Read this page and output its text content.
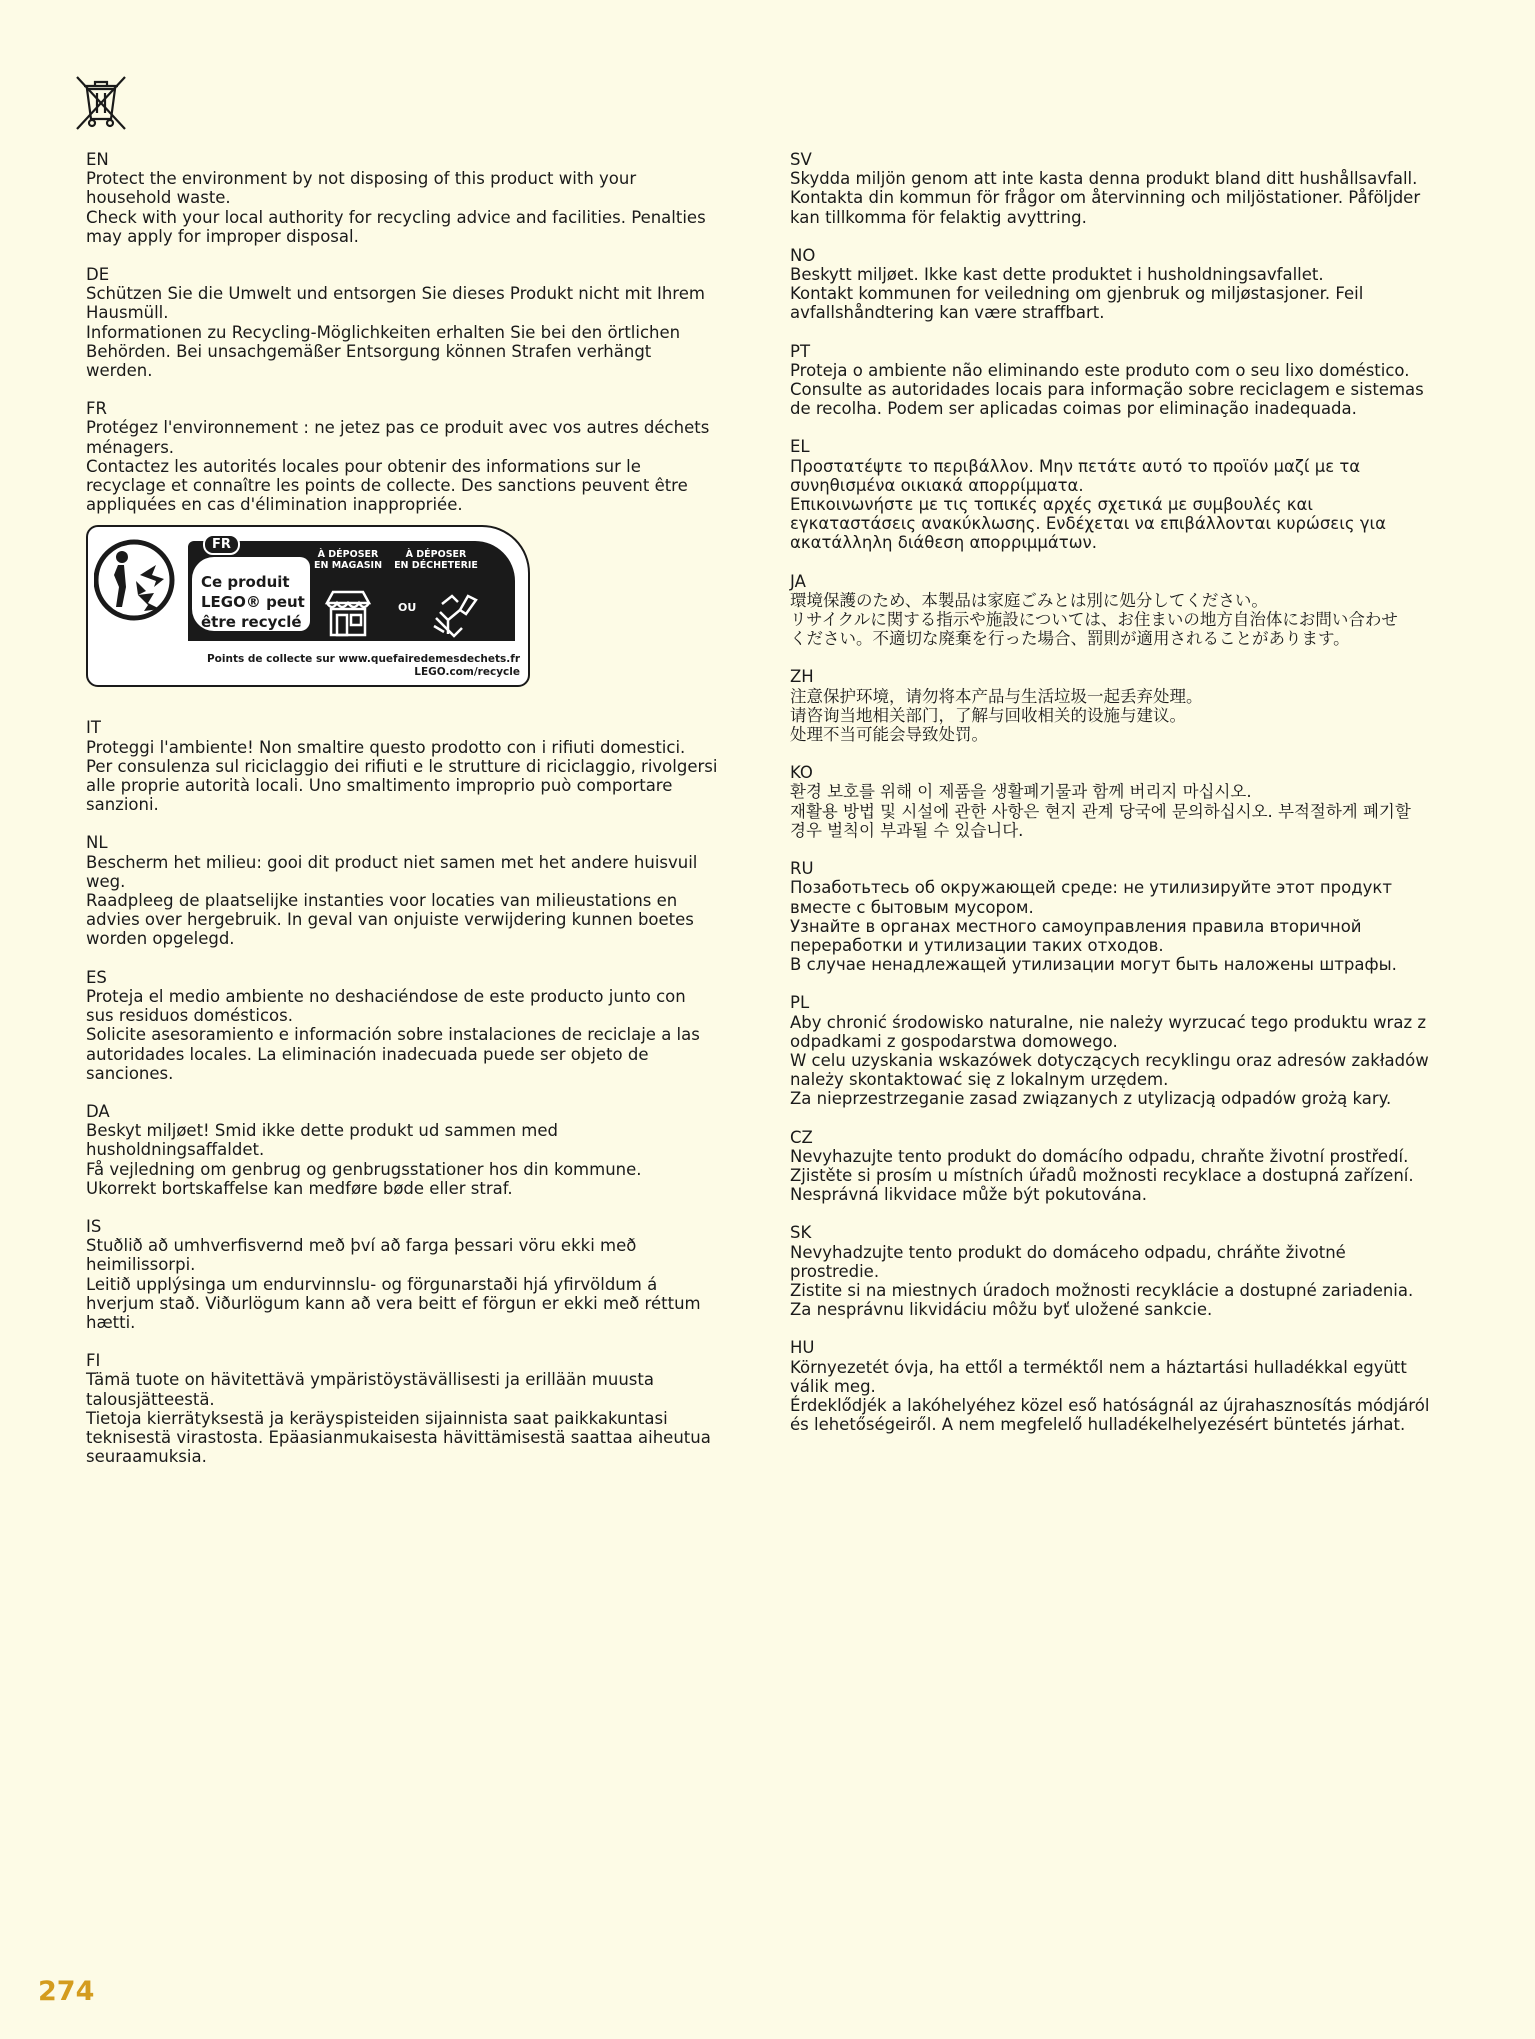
EN
Protect the environment by not disposing of this product with your
household waste.
Check with your local authority for recycling advice and facilities. Penalties
may apply for improper disposal.
DE
Schützen Sie die Umwelt und entsorgen Sie dieses Produkt nicht mit Ihrem
Hausmüll.
Informationen zu Recycling-Möglichkeiten erhalten Sie bei den örtlichen
Behörden. Bei unsachgemäßer Entsorgung können Strafen verhängt
werden.
FR
Protégez l'environnement : ne jetez pas ce produit avec vos autres déchets
ménagers.
Contactez les autorités locales pour obtenir des informations sur le
recyclage et connaître les points de collecte. Des sanctions peuvent être
appliquées en cas d'élimination inappropriée.
FR
Ce produit
LEGO® peut
être recyclé
À DÉPOSER
EN MAGASIN
À DÉPOSER
EN DÉCHETERIE
OU
Points de collecte sur www.quefairedemesdechets.fr
LEGO.com/recycle
IT
Proteggi l'ambiente! Non smaltire questo prodotto con i rifiuti domestici.
Per consulenza sul riciclaggio dei rifiuti e le strutture di riciclaggio, rivolgersi
alle proprie autorità locali. Uno smaltimento improprio può comportare
sanzioni.
NL
Bescherm het milieu: gooi dit product niet samen met het andere huisvuil
weg.
Raadpleeg de plaatselijke instanties voor locaties van milieustations en
advies over hergebruik. In geval van onjuiste verwijdering kunnen boetes
worden opgelegd.
ES
Proteja el medio ambiente no deshaciéndose de este producto junto con
sus residuos domésticos.
Solicite asesoramiento e información sobre instalaciones de reciclaje a las
autoridades locales. La eliminación inadecuada puede ser objeto de
sanciones.
DA
Beskyt miljøet! Smid ikke dette produkt ud sammen med
husholdningsaffaldet.
Få vejledning om genbrug og genbrugsstationer hos din kommune.
Ukorrekt bortskaffelse kan medføre bøde eller straf.
IS
Stuðlið að umhverfisvernd með því að farga þessari vöru ekki með
heimilissorpi.
Leitið upplýsinga um endurvinnslu- og förgunarstaði hjá yfirvöldum á
hverjum stað. Viðurlögum kann að vera beitt ef förgun er ekki með réttum
hætti.
FI
Tämä tuote on hävitettävä ympäristöystävällisesti ja erillään muusta
talousjätteestä.
Tietoja kierrätyksestä ja keräyspisteiden sijainnista saat paikkakuntasi
teknisestä virastosta. Epäasianmukaisesta hävittämisestä saattaa aiheutua
seuraamuksia.
SV
Skydda miljön genom att inte kasta denna produkt bland ditt hushållsavfall.
Kontakta din kommun för frågor om återvinning och miljöstationer. Påföljder
kan tillkomma för felaktig avyttring.
NO
Beskytt miljøet. Ikke kast dette produktet i husholdningsavfallet.
Kontakt kommunen for veiledning om gjenbruk og miljøstasjoner. Feil
avfallshåndtering kan være straffbart.
PT
Proteja o ambiente não eliminando este produto com o seu lixo doméstico.
Consulte as autoridades locais para informação sobre reciclagem e sistemas
de recolha. Podem ser aplicadas coimas por eliminação inadequada.
EL
Προστατέψτε το περιβάλλον. Μην πετάτε αυτό το προϊόν μαζί με τα
συνηθισμένα οικιακά απορρίμματα.
Επικοινωνήστε με τις τοπικές αρχές σχετικά με συμβουλές και
εγκαταστάσεις ανακύκλωσης. Ενδέχεται να επιβάλλονται κυρώσεις για
ακατάλληλη διάθεση απορριμμάτων.
JA
環境保護のため、本製品は家庭ごみとは別に処分してください。
リサイクルに関する指示や施設については、お住まいの地方自治体にお問い合わせ
ください。不適切な廃棄を行った場合、罰則が適用されることがあります。
ZH
注意保护环境，请勿将本产品与生活垃圾一起丢弃处理。
请咨询当地相关部门，了解与回收相关的设施与建议。
处理不当可能会导致处罚。
KO
환경 보호를 위해 이 제품을 생활폐기물과 함께 버리지 마십시오.
재활용 방법 및 시설에 관한 사항은 현지 관계 당국에 문의하십시오. 부적절하게 폐기할
경우 벌칙이 부과될 수 있습니다.
RU
Позаботьтесь об окружающей среде: не утилизируйте этот продукт
вместе с бытовым мусором.
Узнайте в органах местного самоуправления правила вторичной
переработки и утилизации таких отходов.
В случае ненадлежащей утилизации могут быть наложены штрафы.
PL
Aby chronić środowisko naturalne, nie należy wyrzucać tego produktu wraz z
odpadkami z gospodarstwa domowego.
W celu uzyskania wskazówek dotyczących recyklingu oraz adresów zakładów
należy skontaktować się z lokalnym urzędem.
Za nieprzestrzeganie zasad związanych z utylizacją odpadów grożą kary.
CZ
Nevyhazujte tento produkt do domácího odpadu, chraňte životní prostředí.
Zjistěte si prosím u místních úřadů možnosti recyklace a dostupná zařízení.
Nesprávná likvidace může být pokutována.
SK
Nevyhadzujte tento produkt do domáceho odpadu, chráňte životné
prostredie.
Zistite si na miestnych úradoch možnosti recyklácie a dostupné zariadenia.
Za nesprávnu likvidáciu môžu byť uložené sankcie.
HU
Környezetét óvja, ha ettől a terméktől nem a háztartási hulladékkal együtt
válik meg.
Érdeklődjék a lakóhelyéhez közel eső hatóságnál az újrahasznosítás módjáról
és lehetőségeiről. A nem megfelelő hulladékelhelyezésért büntetés járhat.
274
